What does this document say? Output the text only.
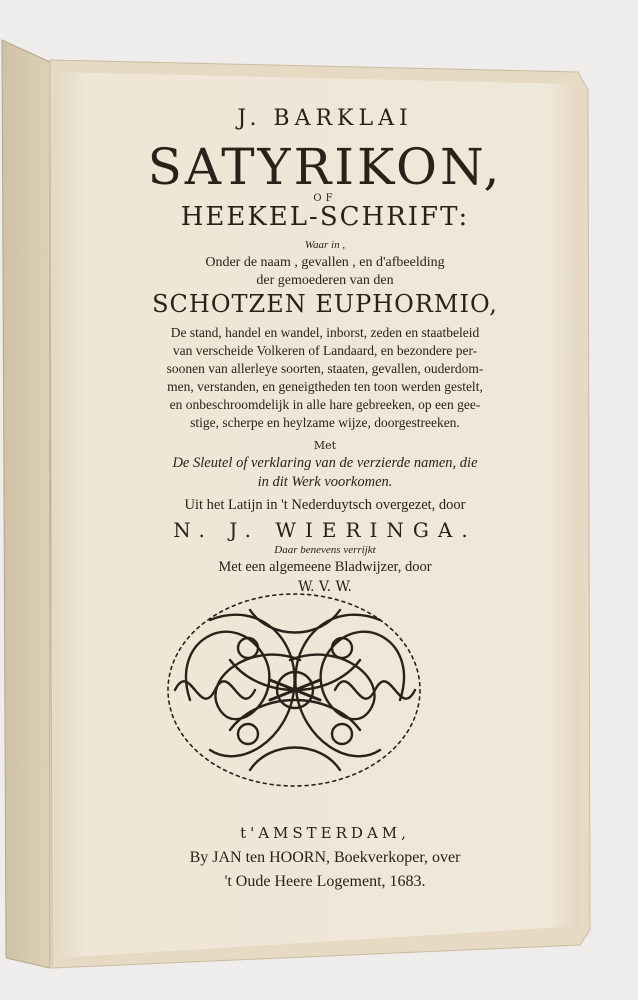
J. BARKLAI
SATYRIKON,
OF
HEEKEL-SCHRIFT:
Waar in ,
Onder de naam , gevallen , en d'afbeelding
der gemoederen van den
SCHOTZEN EUPHORMIO,
De stand, handel en wandel, inborst, zeden en staatbeleid
van verscheide Volkeren of Landaard, en bezondere per-
soonen van allerleye soorten, staaten, gevallen, ouderdom-
men, verstanden, en geneigtheden ten toon werden gestelt,
en onbeschroomdelijk in alle hare gebreeken, op een gee-
stige, scherpe en heylzame wijze, doorgestreeken.
Met
De Sleutel of verklaring van de verzierde namen, die
in dit Werk voorkomen.
Uit het Latijn in 't Nederduytsch overgezet, door
N. J. WIERINGA.
Daar benevens verrijkt
Met een algemeene Bladwijzer, door
W. V. W.
t'AMSTERDAM,
By JAN ten HOORN, Boekverkoper, over
't Oude Heere Logement, 1683.
